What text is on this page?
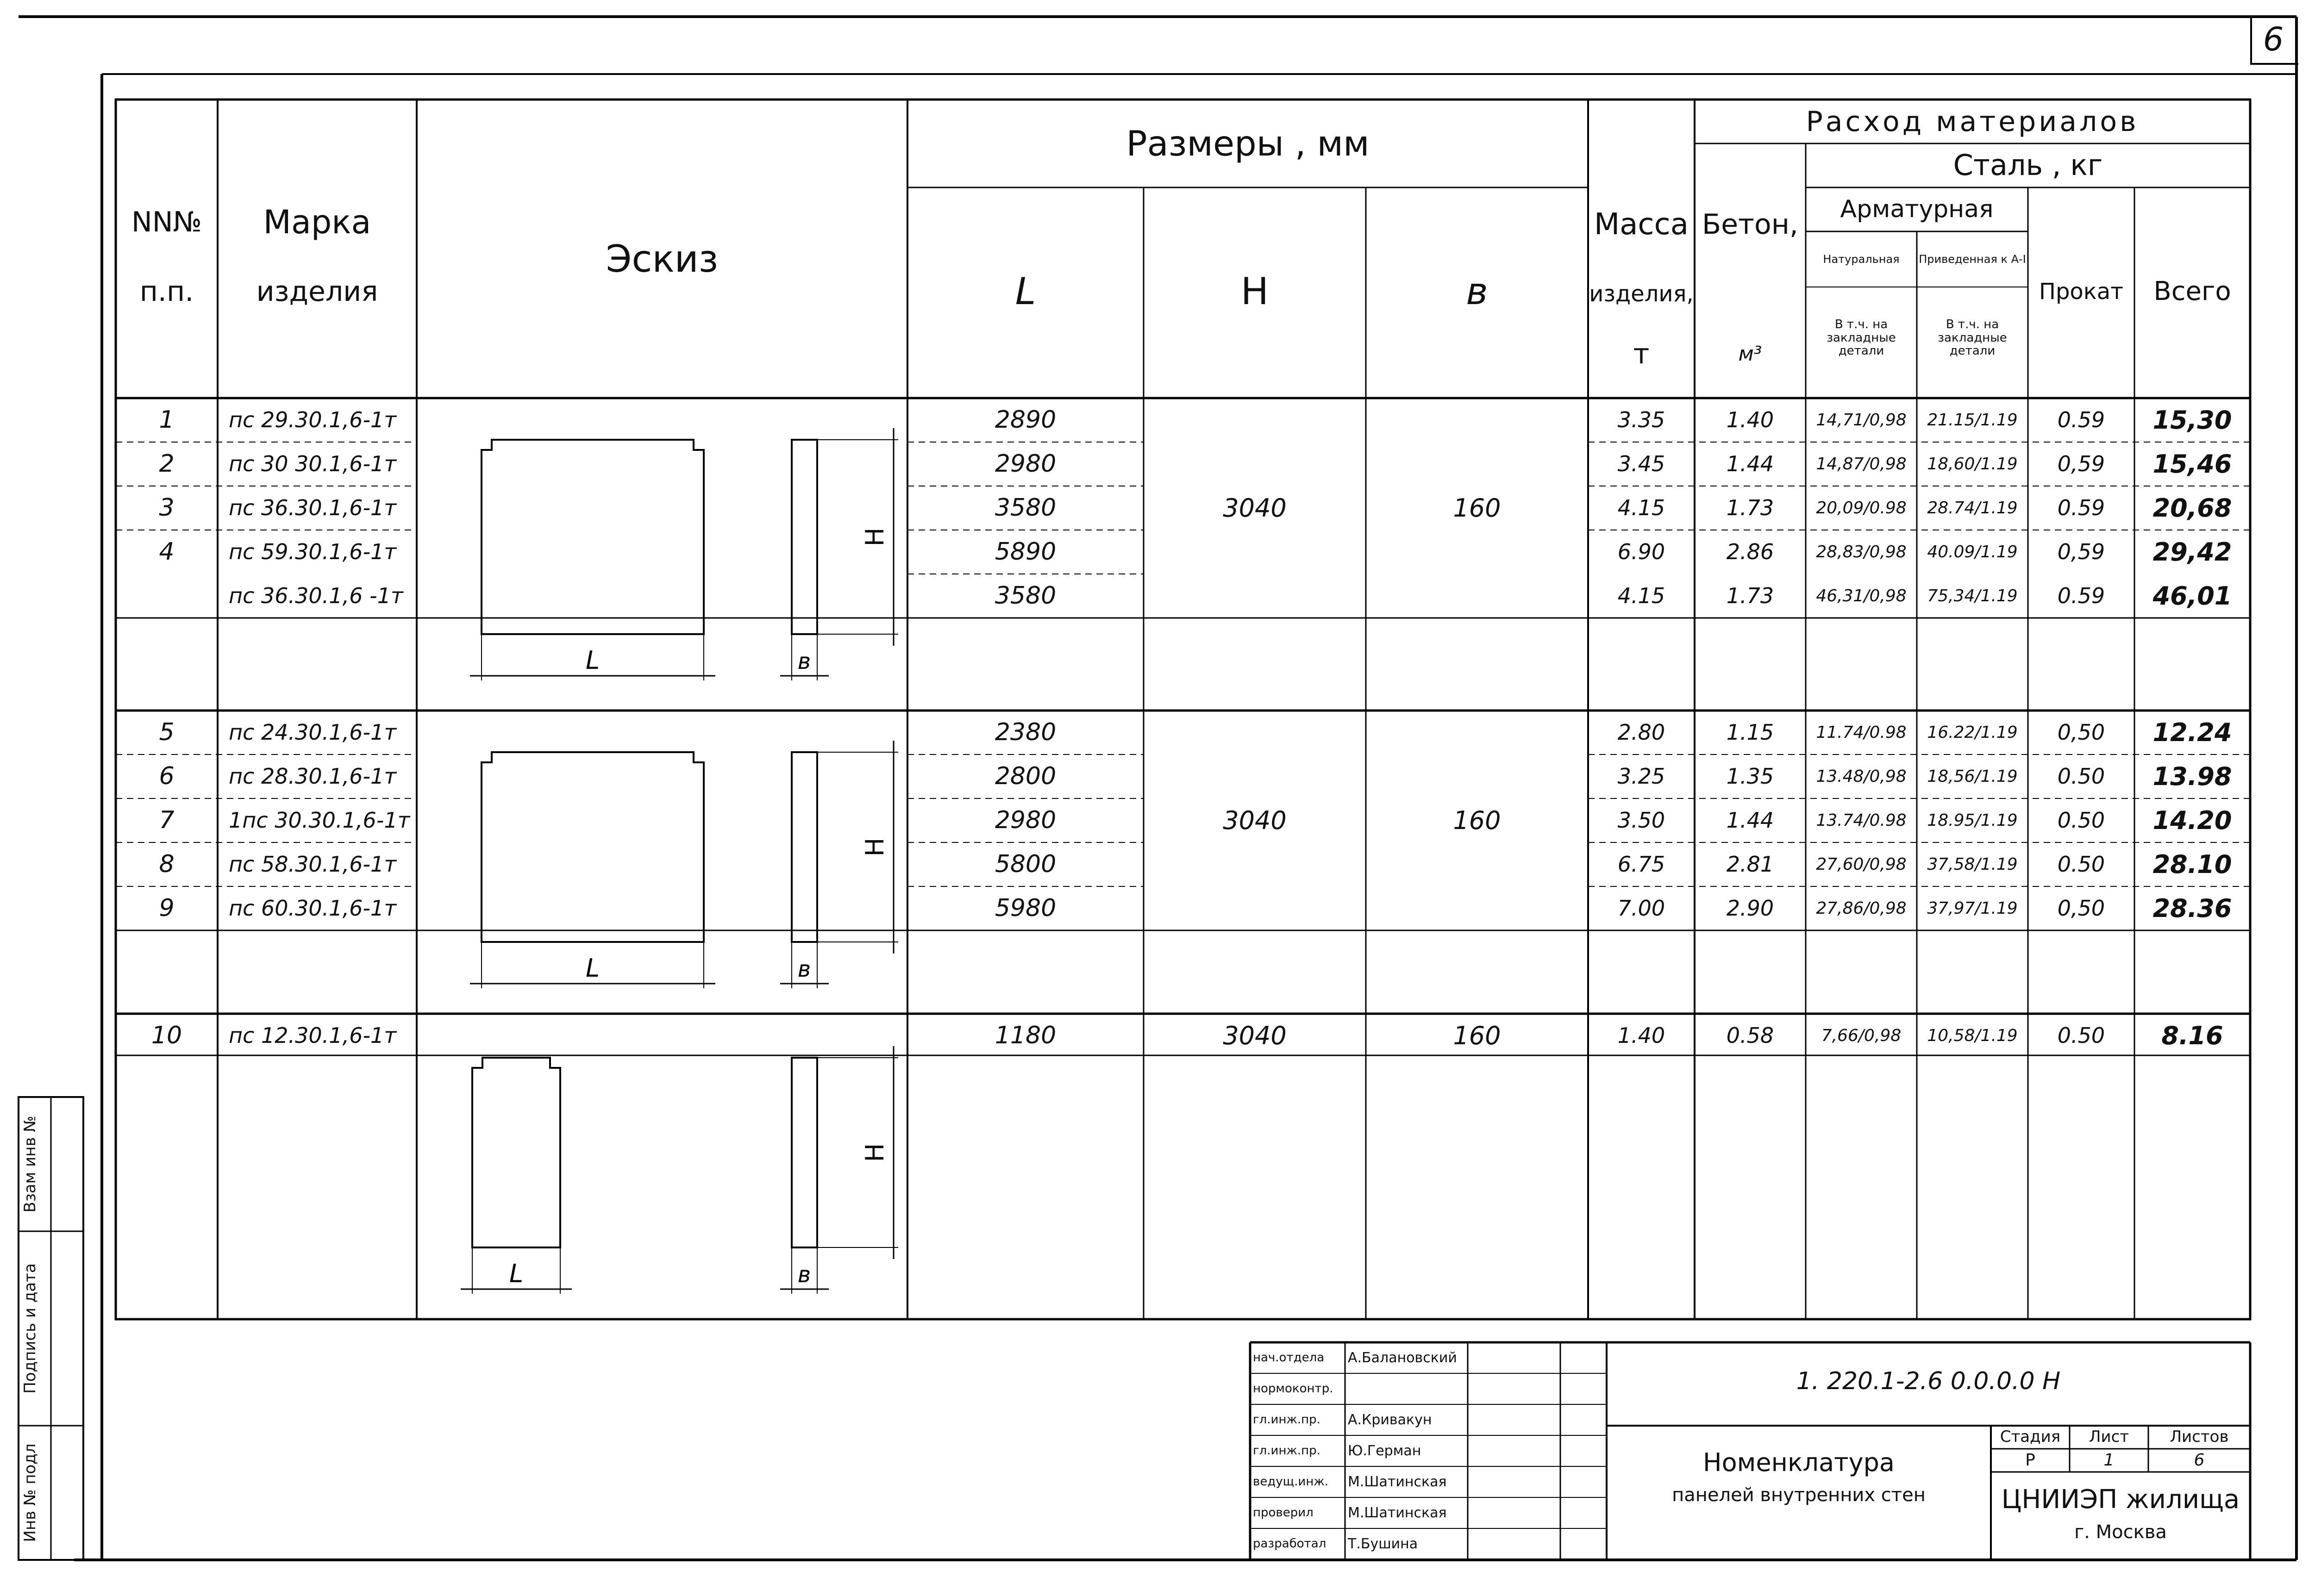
6
Взам инв №
Подпись и дата
Инв № подл
NN№
п.п.
Марка
изделия
Эскиз
Размеры , мм
L	Н	в
Масса
изделия,
т
Бетон,
м³
Расход материалов
Сталь , кг
Арматурная
Натуральная	Приведенная к А-I
В т.ч. на закладные детали
В т.ч. на закладные детали
Прокат	Всего
1	пс 29.30.1,6-1т	2890	3.35	1.40	14,71/0,98	21.15/1.19	0.59	15,30
2	пс 30 30.1,6-1т	2980	3.45	1.44	14,87/0,98	18,60/1.19	0,59	15,46
3	пс 36.30.1,6-1т	3580	4.15	1.73	20,09/0.98	28.74/1.19	0.59	20,68
4	пс 59.30.1,6-1т	5890	6.90	2.86	28,83/0,98	40.09/1.19	0,59	29,42
пс 36.30.1,6 -1т	3580	4.15	1.73	46,31/0,98	75,34/1.19	0.59	46,01
3040	160
5	пс 24.30.1,6-1т	2380	2.80	1.15	11.74/0.98	16.22/1.19	0,50	12.24
6	пс 28.30.1,6-1т	2800	3.25	1.35	13.48/0,98	18,56/1.19	0.50	13.98
7	1пс 30.30.1,6-1т	2980	3.50	1.44	13.74/0.98	18.95/1.19	0.50	14.20
8	пс 58.30.1,6-1т	5800	6.75	2.81	27,60/0,98	37,58/1.19	0.50	28.10
9	пс 60.30.1,6-1т	5980	7.00	2.90	27,86/0,98	37,97/1.19	0,50	28.36
3040	160
10	пс 12.30.1,6-1т	1180	1.40	0.58	7,66/0,98	10,58/1.19	0.50	8.16
3040	160
нач.отдела	А.Балановский
нормоконтр.
гл.инж.пр.	А.Кривакун
гл.инж.пр.	Ю.Герман
ведущ.инж.	М.Шатинская
проверил	М.Шатинская
разработал	Т.Бушина
1. 220.1-2.6 0.0.0.0 Н
Номенклатура
панелей внутренних стен
Стадия	Лист	Листов
Р	1	6
ЦНИИЭП жилища
г. Москва
L	в
Н
L	в
Н
L	в
Н
